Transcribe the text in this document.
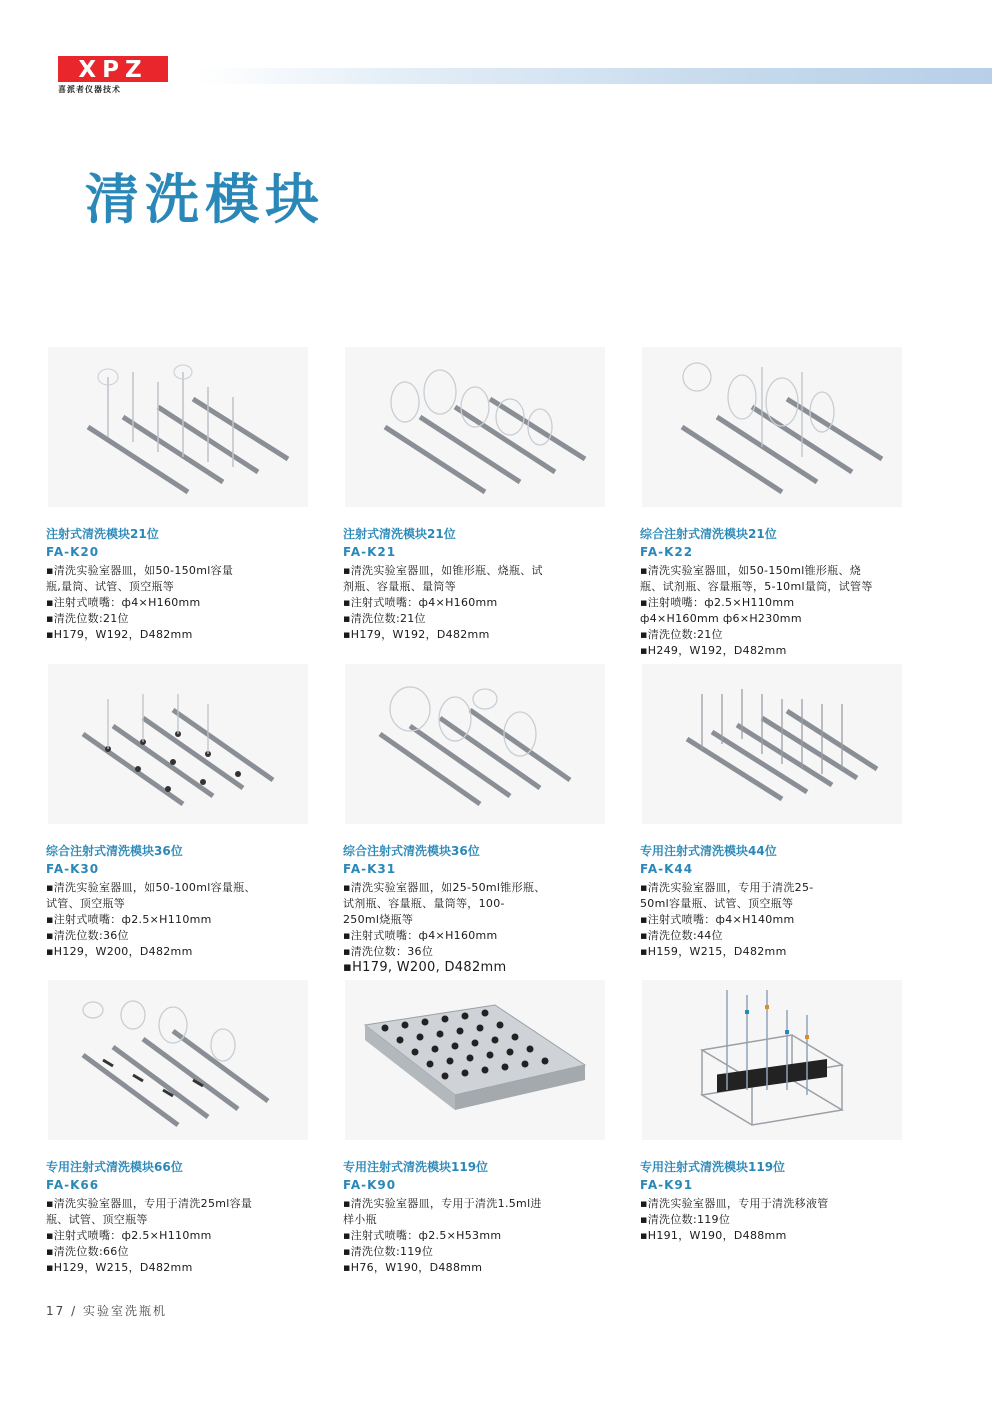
XPZ
喜派者仪器技术
清洗模块
注射式清洗模块21位
FA-K20
▪清洗实验室器皿，如50-150ml容量
瓶,量筒、试管、顶空瓶等
▪注射式喷嘴：ф4×H160mm
▪清洗位数:21位
▪H179，W192，D482mm
注射式清洗模块21位
FA-K21
▪清洗实验室器皿，如锥形瓶、烧瓶、试
剂瓶、容量瓶、量筒等
▪注射式喷嘴：ф4×H160mm
▪清洗位数:21位
▪H179，W192，D482mm
综合注射式清洗模块21位
FA-K22
▪清洗实验室器皿，如50-150ml锥形瓶、烧
瓶、试剂瓶、容量瓶等，5-10ml量筒，试管等
▪注射喷嘴：ф2.5×H110mm
ф4×H160mm ф6×H230mm
▪清洗位数:21位
▪H249，W192，D482mm
综合注射式清洗模块36位
FA-K30
▪清洗实验室器皿，如50-100ml容量瓶、
试管、顶空瓶等
▪注射式喷嘴：ф2.5×H110mm
▪清洗位数:36位
▪H129，W200，D482mm
综合注射式清洗模块36位
FA-K31
▪清洗实验室器皿，如25-50ml锥形瓶、
试剂瓶、容量瓶、量筒等，100-
250ml烧瓶等
▪注射式喷嘴：ф4×H160mm
▪清洗位数：36位
▪H179, W200, D482mm
专用注射式清洗模块44位
FA-K44
▪清洗实验室器皿，专用于清洗25-
50ml容量瓶、试管、顶空瓶等
▪注射式喷嘴：ф4×H140mm
▪清洗位数:44位
▪H159，W215，D482mm
专用注射式清洗模块66位
FA-K66
▪清洗实验室器皿，专用于清洗25ml容量
瓶、试管、顶空瓶等
▪注射式喷嘴：ф2.5×H110mm
▪清洗位数:66位
▪H129，W215，D482mm
专用注射式清洗模块119位
FA-K90
▪清洗实验室器皿，专用于清洗1.5ml进
样小瓶
▪注射式喷嘴：ф2.5×H53mm
▪清洗位数:119位
▪H76，W190，D488mm
专用注射式清洗模块119位
FA-K91
▪清洗实验室器皿，专用于清洗移液管
▪清洗位数:119位
▪H191，W190，D488mm
17 / 实验室洗瓶机
